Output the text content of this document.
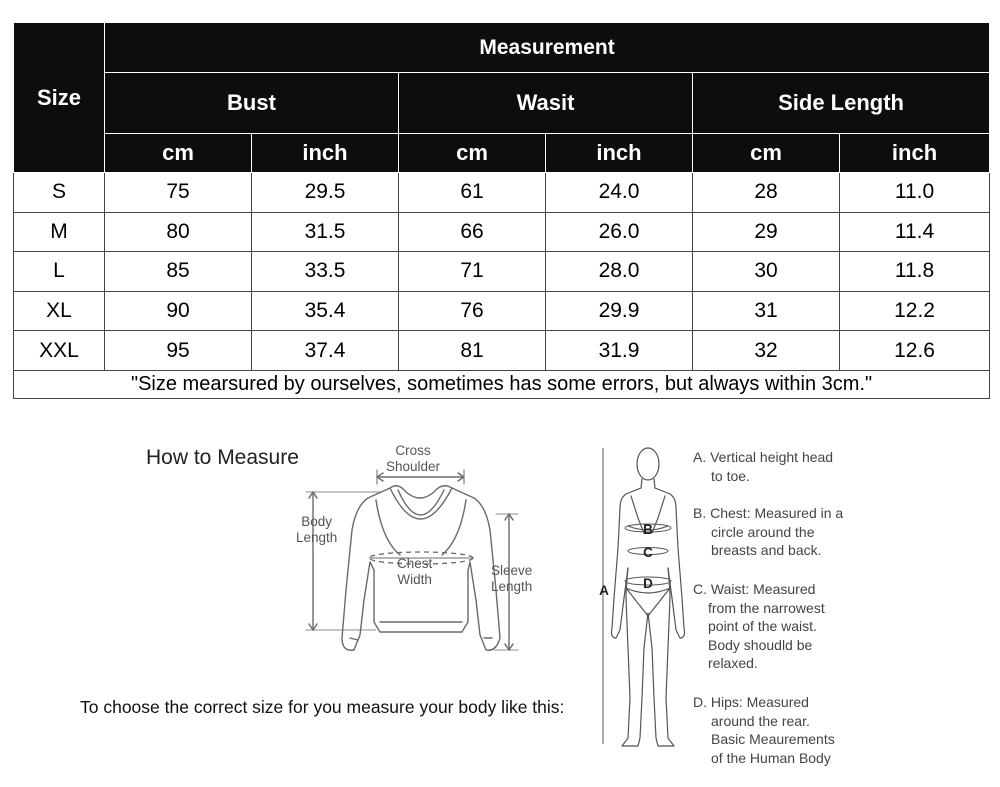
Size	Measurement					
	Bust		Wasit		Side Length	
	cm	inch	cm	inch	cm	inch
S	75	29.5	61	24.0	28	11.0
M	80	31.5	66	26.0	29	11.4
L	85	33.5	71	28.0	30	11.8
XL	90	35.4	76	29.9	31	12.2
XXL	95	37.4	81	31.9	32	12.6
"Size mearsured by ourselves, sometimes has some errors, but always within 3cm."						
How to Measure	Cross
Shoulder
Body
Length
Chest
Width
Sleeve
Length
To choose the correct size for you measure your body like this:
B
C
D
A
A. Vertical height head
to toe.
B. Chest: Measured in a
circle around the
breasts and back.
C. Waist: Measured
from the narrowest
point of the waist.
Body shoudld be
relaxed.
D. Hips: Measured
around the rear.
Basic Meaurements
of the Human Body
